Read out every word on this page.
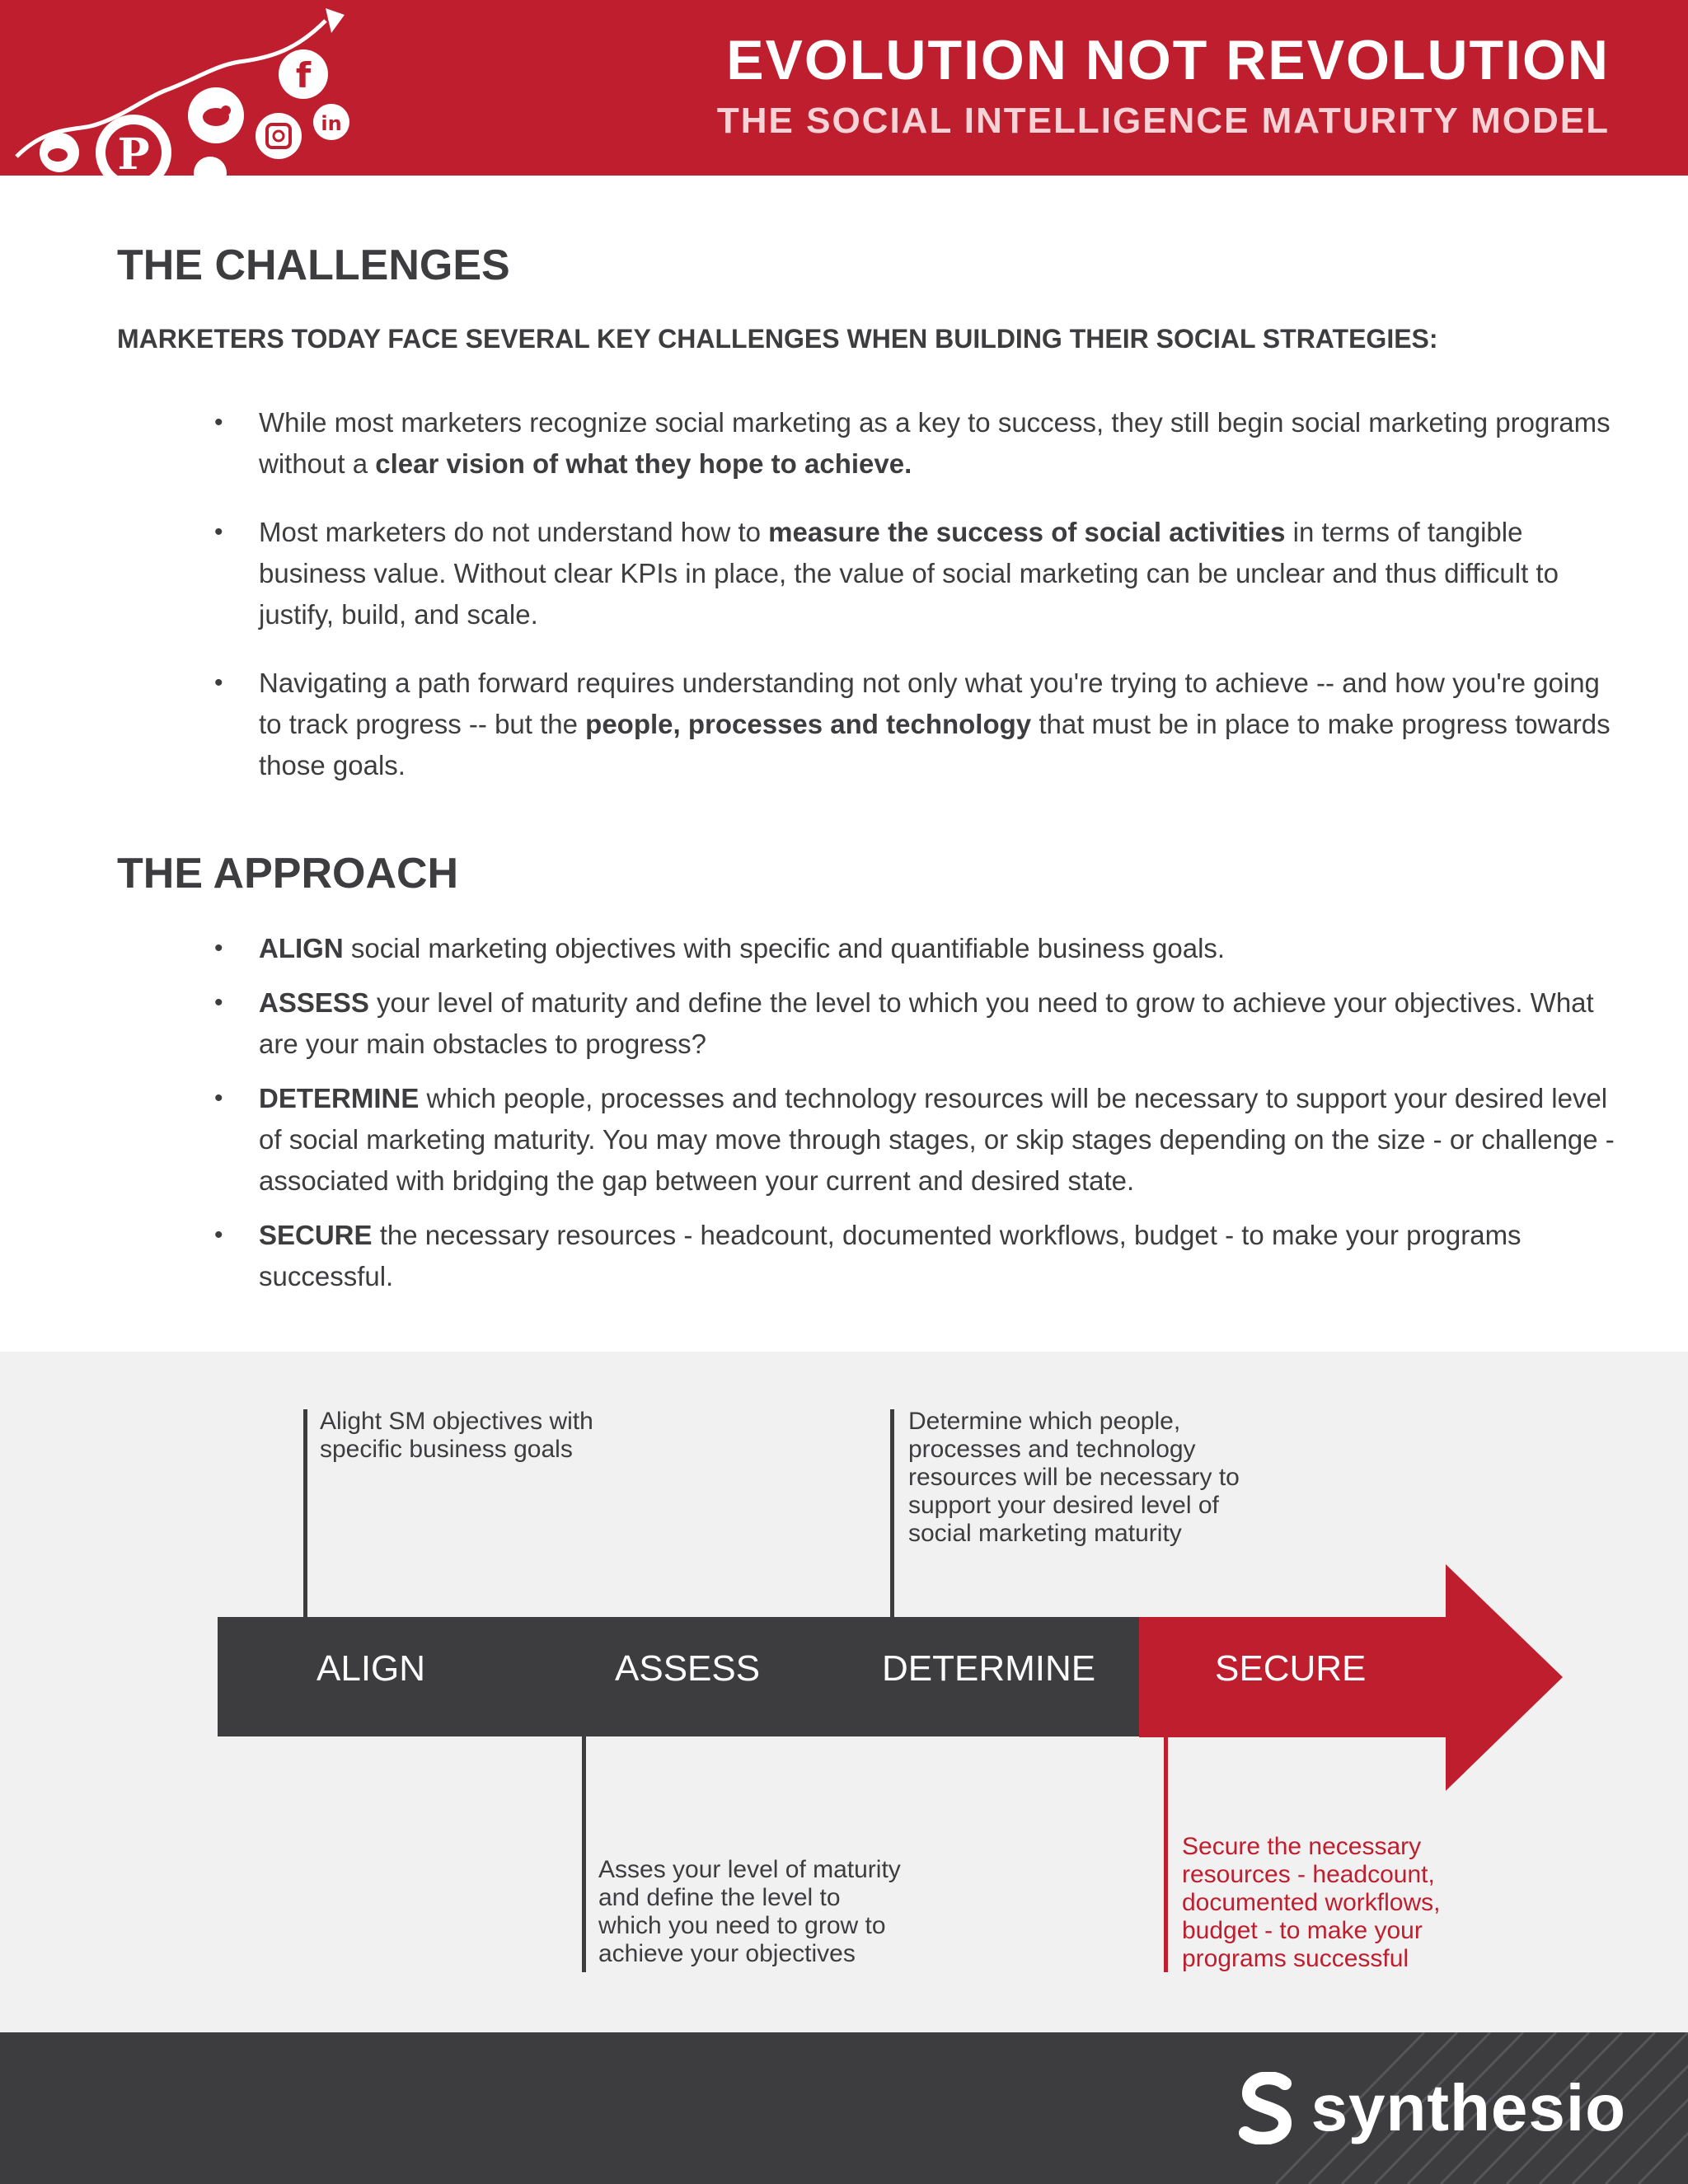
P
f
in
EVOLUTION NOT REVOLUTION
THE SOCIAL INTELLIGENCE MATURITY MODEL
THE CHALLENGES
MARKETERS TODAY FACE SEVERAL KEY CHALLENGES WHEN BUILDING THEIR SOCIAL STRATEGIES:
• While most marketers recognize social marketing as a key to success, they still begin social marketing programs without a clear vision of what they hope to achieve.
• Most marketers do not understand how to measure the success of social activities in terms of tangible business value. Without clear KPIs in place, the value of social marketing can be unclear and thus difficult to justify, build, and scale.
• Navigating a path forward requires understanding not only what you're trying to achieve -- and how you're going to track progress -- but the people, processes and technology that must be in place to make progress towards those goals.
THE APPROACH
• ALIGN social marketing objectives with specific and quantifiable business goals.
• ASSESS your level of maturity and define the level to which you need to grow to achieve your objectives. What are your main obstacles to progress?
• DETERMINE which people, processes and technology resources will be necessary to support your desired level of social marketing maturity. You may move through stages, or skip stages depending on the size - or challenge - associated with bridging the gap between your current and desired state.
• SECURE the necessary resources - headcount, documented workflows, budget - to make your programs successful.
Alight SM objectives with
specific business goals
Determine which people,
processes and technology
resources will be necessary to
support your desired level of
social marketing maturity
ALIGN	ASSESS	DETERMINE	SECURE
Asses your level of maturity
and define the level to
which you need to grow to
achieve your objectives
Secure the necessary
resources - headcount,
documented workflows,
budget - to make your
programs successful
synthesio
